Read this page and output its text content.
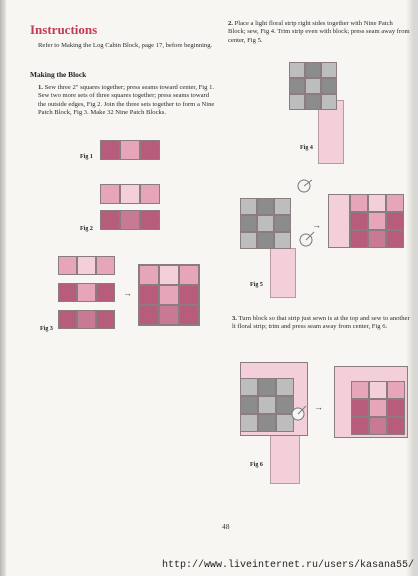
Instructions
Refer to Making the Log Cabin Block, page 17, before beginning.
Making the Block
1. Sew three 2" squares together; press seams toward center, Fig 1. Sew two more sets of three squares together; press seams toward the outside edges, Fig 2. Join the three sets together to form a Nine Patch Block, Fig 3. Make 32 Nine Patch Blocks.
2. Place a light floral strip right sides together with Nine Patch Block; sew, Fig 4. Trim strip even with block; press seam away from center, Fig 5.
3. Turn block so that strip just sewn is at the top and sew to another lt floral strip; trim and press seam away from center, Fig 6.
Fig 1
Fig 2
Fig 3
→
Fig 4
Fig 5
→
Fig 6
→
48
http://www.liveinternet.ru/users/kasana55/
